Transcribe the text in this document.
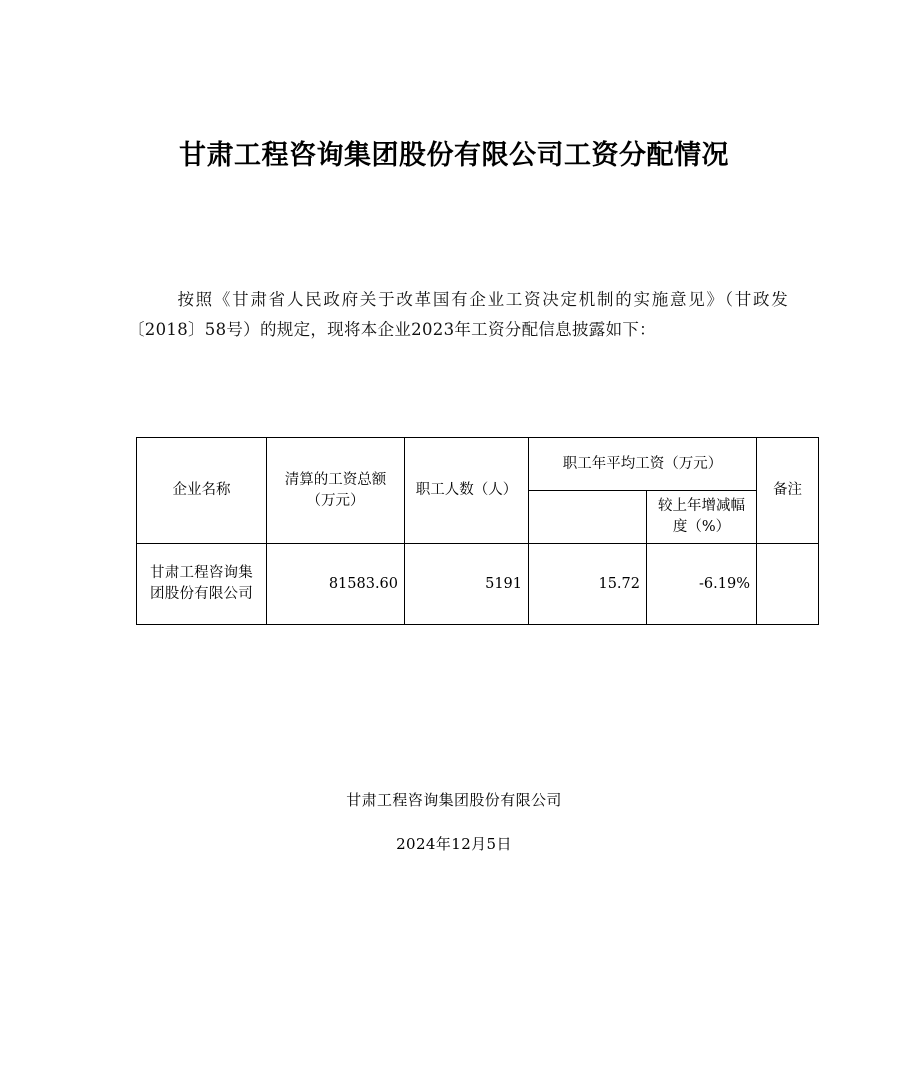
甘肃工程咨询集团股份有限公司工资分配情况
按照《甘肃省人民政府关于改革国有企业工资决定机制的实施意见》（甘政发〔2018〕58号）的规定，现将本企业2023年工资分配信息披露如下：
企业名称	清算的工资总额（万元）	职工人数（人）	职工年平均工资（万元）		备注
				较上年增减幅度（%）	
甘肃工程咨询集团股份有限公司	81583.60	5191	15.72	-6.19%	
甘肃工程咨询集团股份有限公司
2024年12月5日
